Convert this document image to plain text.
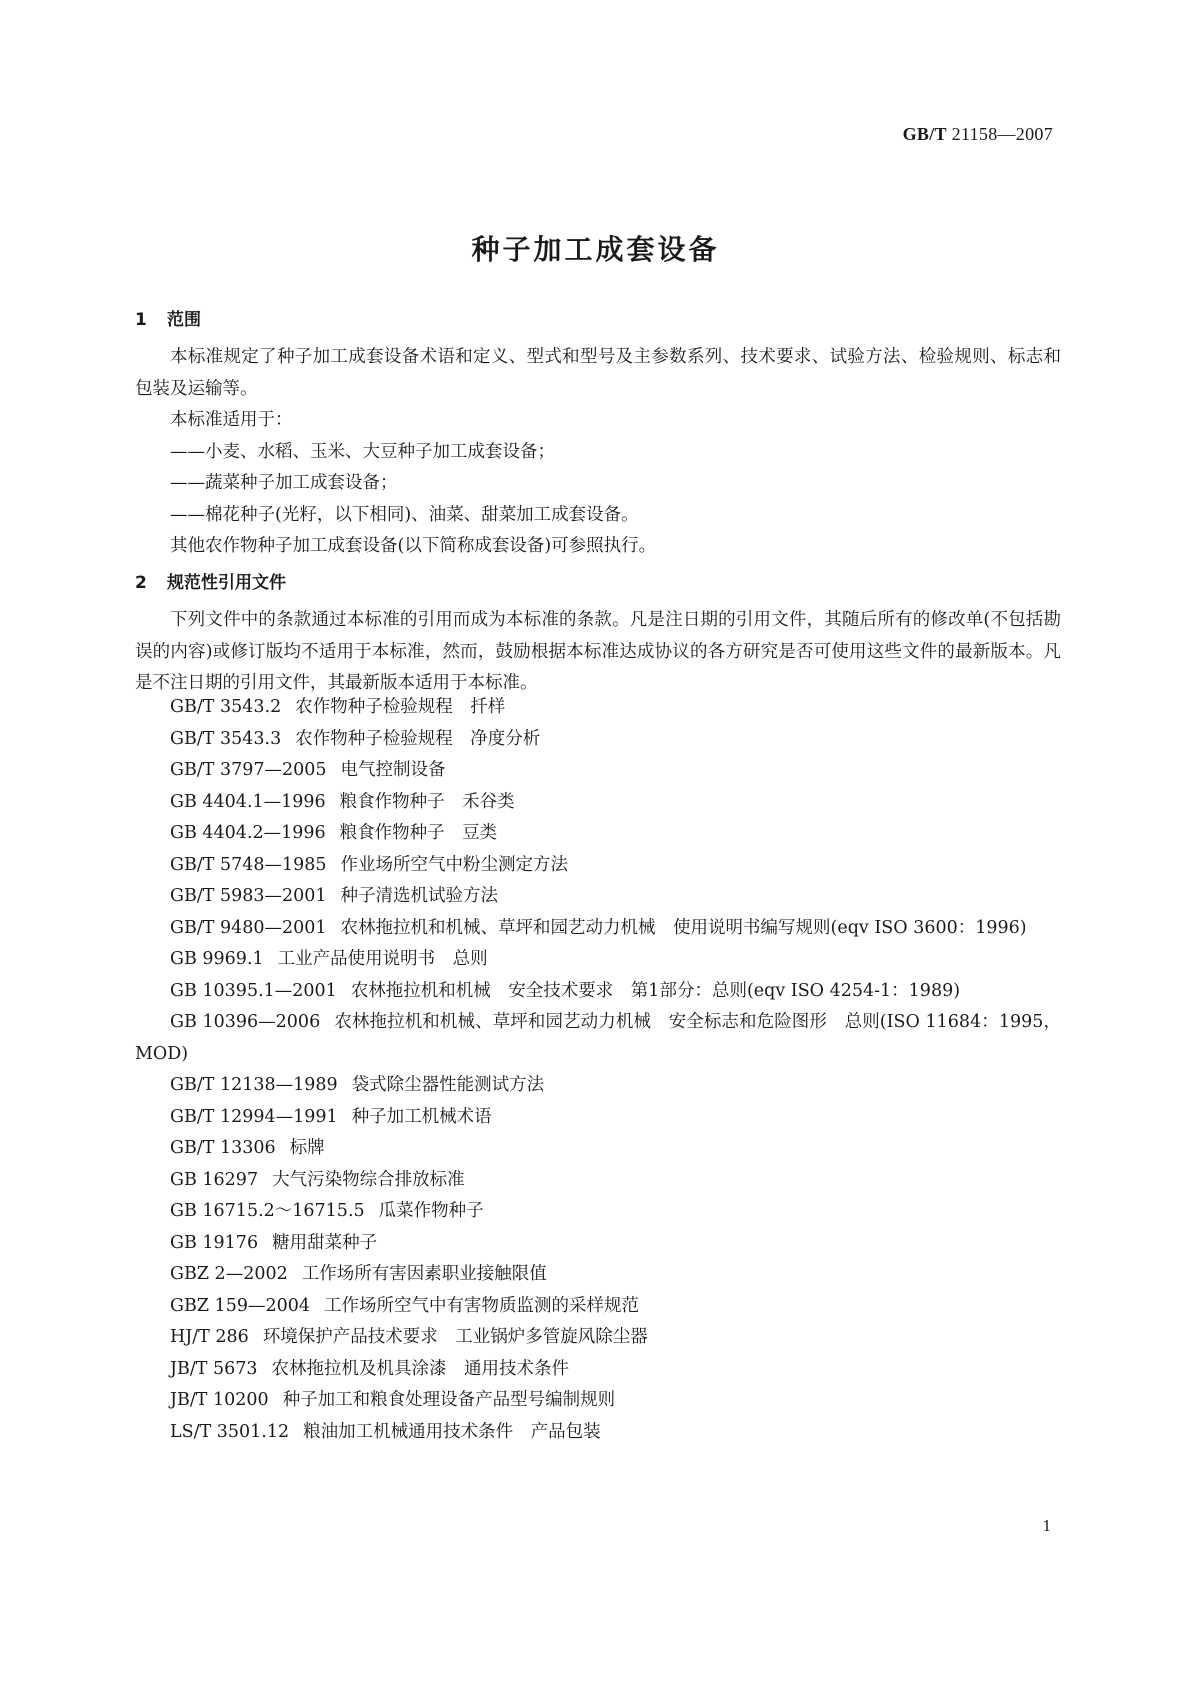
GB/T 21158—2007
种子加工成套设备
1 范围

本标准规定了种子加工成套设备术语和定义、型式和型号及主参数系列、技术要求、试验方法、检验规则、标志和包装及运输等。

本标准适用于：

——小麦、水稻、玉米、大豆种子加工成套设备；

——蔬菜种子加工成套设备；

——棉花种子(光籽，以下相同)、油菜、甜菜加工成套设备。

其他农作物种子加工成套设备(以下简称成套设备)可参照执行。

2 规范性引用文件

下列文件中的条款通过本标准的引用而成为本标准的条款。凡是注日期的引用文件，其随后所有的修改单(不包括勘误的内容)或修订版均不适用于本标准，然而，鼓励根据本标准达成协议的各方研究是否可使用这些文件的最新版本。凡是不注日期的引用文件，其最新版本适用于本标准。

GB/T 3543.2 农作物种子检验规程　扦样

GB/T 3543.3 农作物种子检验规程　净度分析

GB/T 3797—2005 电气控制设备

GB 4404.1—1996 粮食作物种子　禾谷类

GB 4404.2—1996 粮食作物种子　豆类

GB/T 5748—1985 作业场所空气中粉尘测定方法

GB/T 5983—2001 种子清选机试验方法

GB/T 9480—2001 农林拖拉机和机械、草坪和园艺动力机械　使用说明书编写规则(eqv ISO 3600：1996)

GB 9969.1 工业产品使用说明书　总则

GB 10395.1—2001 农林拖拉机和机械　安全技术要求　第1部分：总则(eqv ISO 4254-1：1989)

GB 10396—2006 农林拖拉机和机械、草坪和园艺动力机械　安全标志和危险图形　总则(ISO 11684：1995，MOD)

GB/T 12138—1989 袋式除尘器性能测试方法

GB/T 12994—1991 种子加工机械术语

GB/T 13306 标牌

GB 16297 大气污染物综合排放标准

GB 16715.2～16715.5 瓜菜作物种子

GB 19176 糖用甜菜种子

GBZ 2—2002 工作场所有害因素职业接触限值

GBZ 159—2004 工作场所空气中有害物质监测的采样规范

HJ/T 286 环境保护产品技术要求　工业锅炉多管旋风除尘器

JB/T 5673 农林拖拉机及机具涂漆　通用技术条件

JB/T 10200 种子加工和粮食处理设备产品型号编制规则

LS/T 3501.12 粮油加工机械通用技术条件　产品包装

1
